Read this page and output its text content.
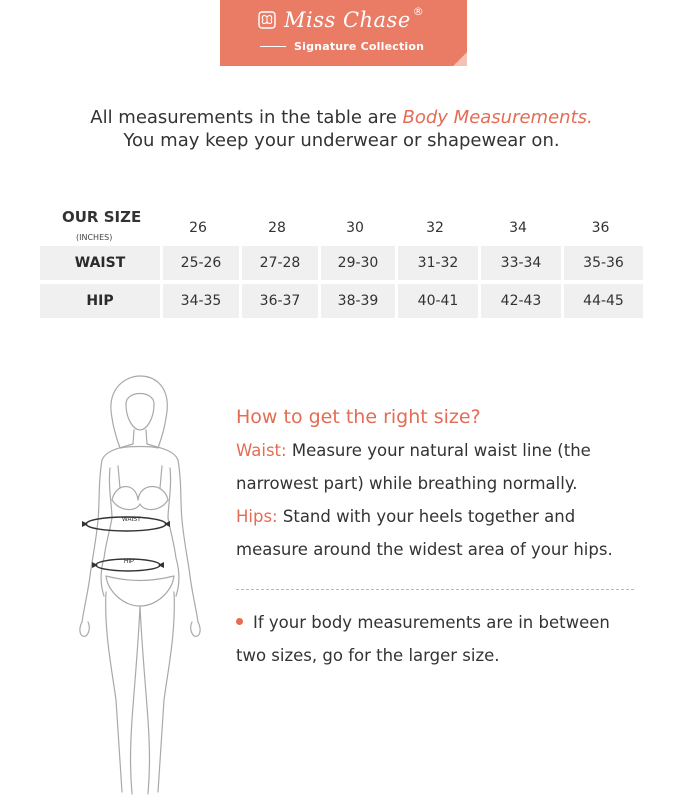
Miss Chase ®
Signature Collection
All measurements in the table are Body Measurements.
You may keep your underwear or shapewear on.
OUR SIZE
(INCHES)
26	28	30	32	34	36
WAIST	25-26	27-28	29-30	31-32	33-34	35-36
HIP	34-35	36-37	38-39	40-41	42-43	44-45
WAIST
HIP
How to get the right size?
Waist: Measure your natural waist line (the
narrowest part) while breathing normally.
Hips: Stand with your heels together and
measure around the widest area of your hips.
If your body measurements are in between
two sizes, go for the larger size.
